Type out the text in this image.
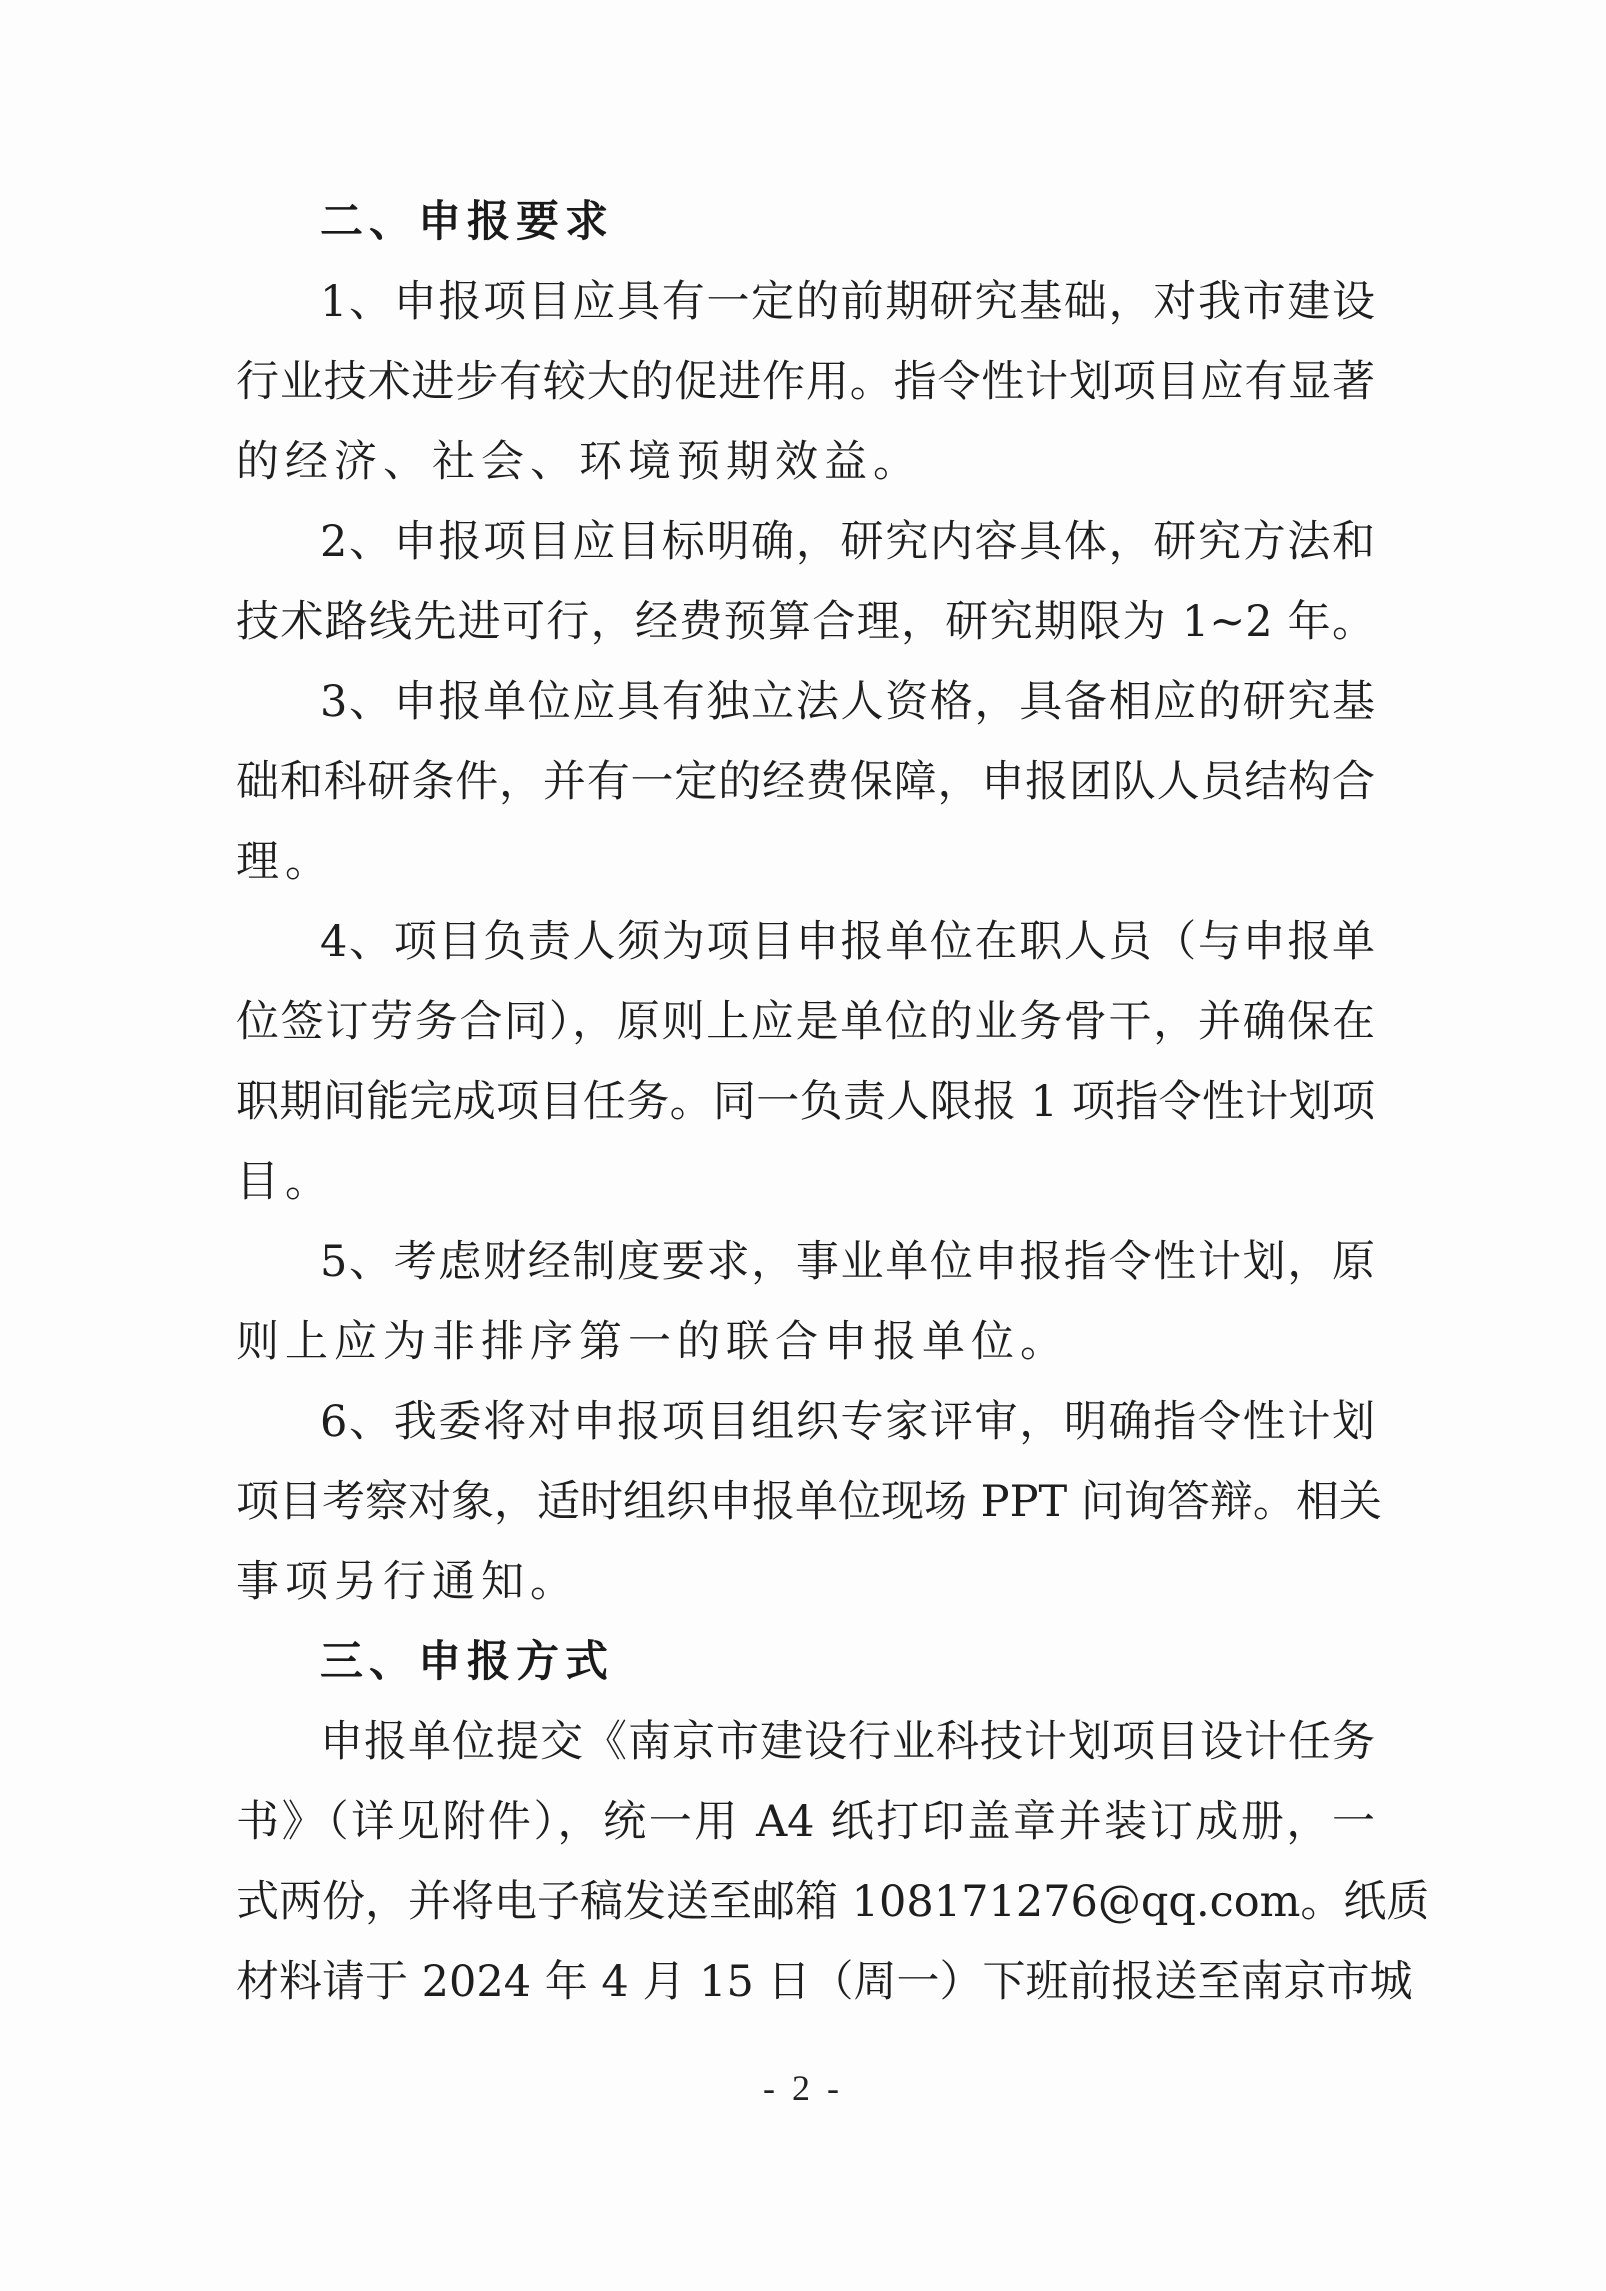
二、申报要求
1、申报项目应具有一定的前期研究基础，对我市建设
行业技术进步有较大的促进作用。指令性计划项目应有显著
的经济、社会、环境预期效益。
2、申报项目应目标明确，研究内容具体，研究方法和
技术路线先进可行，经费预算合理，研究期限为 1~2 年。
3、申报单位应具有独立法人资格，具备相应的研究基
础和科研条件，并有一定的经费保障，申报团队人员结构合
理。
4、项目负责人须为项目申报单位在职人员（与申报单
位签订劳务合同），原则上应是单位的业务骨干，并确保在
职期间能完成项目任务。同一负责人限报 1 项指令性计划项
目。
5、考虑财经制度要求，事业单位申报指令性计划，原
则上应为非排序第一的联合申报单位。
6、我委将对申报项目组织专家评审，明确指令性计划
项目考察对象，适时组织申报单位现场 PPT 问询答辩。相关
事项另行通知。
三、申报方式
申报单位提交《南京市建设行业科技计划项目设计任务
书》（详见附件），统一用 A4 纸打印盖章并装订成册，一
式两份，并将电子稿发送至邮箱 108171276@qq.com。纸质
材料请于 2024 年 4 月 15 日（周一）下班前报送至南京市城
- 2 -
